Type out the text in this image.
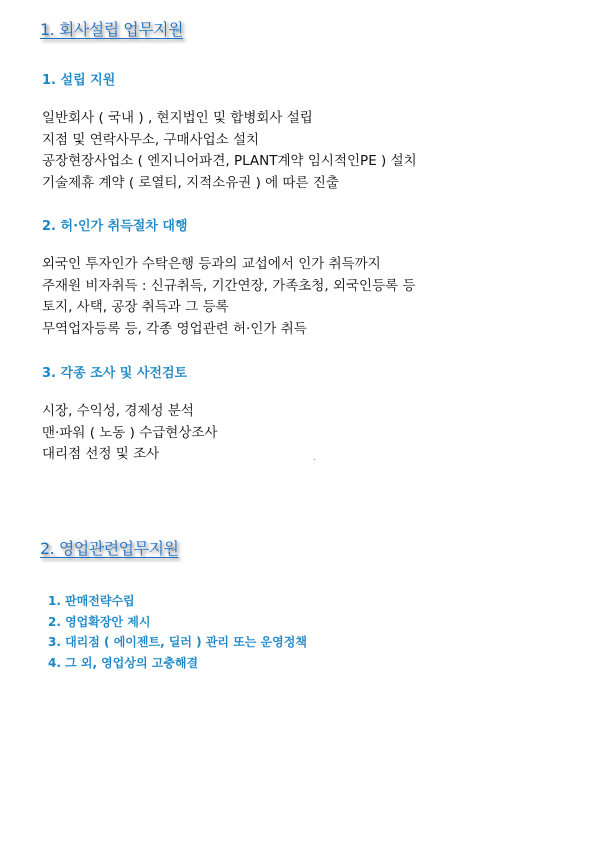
1. 회사설립 업무지원
1. 설립 지원
일반회사 ( 국내 ) , 현지법인 및 합병회사 설립
지점 및 연락사무소, 구매사업소 설치
공장현장사업소 ( 엔지니어파견, PLANT계약 임시적인PE ) 설치
기술제휴 계약 ( 로열티, 지적소유권 ) 에 따른 진출
2. 허·인가 취득절차 대행
외국인 투자인가 수탁은행 등과의 교섭에서 인가 취득까지
주재원 비자취득 : 신규취득, 기간연장, 가족초청, 외국인등록 등
토지, 사택, 공장 취득과 그 등록
무역업자등록 등, 각종 영업관련 허·인가 취득
3. 각종 조사 및 사전검토
시장, 수익성, 경제성 분석
맨·파워 ( 노동 ) 수급현상조사
대리점 선정 및 조사
2. 영업관련업무지원
1. 판매전략수립
2. 영업확장안 제시
3. 대리점 ( 에이젠트, 딜러 ) 관리 또는 운영정책
4. 그 외, 영업상의 고충해결
